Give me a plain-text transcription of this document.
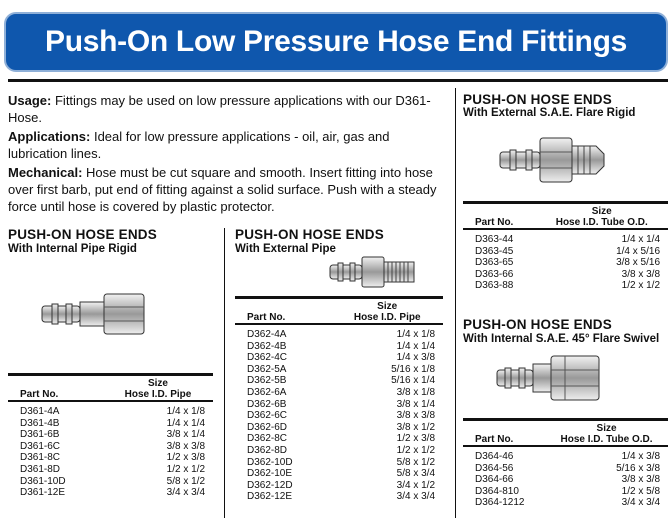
Push-On Low Pressure Hose End Fittings

Usage: Fittings may be used on low pressure applications with our D361-Hose.

Applications: Ideal for low pressure applications - oil, air, gas and lubrication lines.

Mechanical: Hose must be cut square and smooth. Insert fitting into hose over first barb, put end of fitting against a solid surface. Push with a steady force until hose is covered by plastic protector.

PUSH-ON HOSE ENDS
With Internal Pipe Rigid
Part No.	Size
Hose I.D. Pipe

D361-4A	1/4 x 1/8
D361-4B	1/4 x 1/4
D361-6B	3/8 x 1/4
D361-6C	3/8 x 3/8
D361-8C	1/2 x 3/8
D361-8D	1/2 x 1/2
D361-10D	5/8 x 1/2
D361-12E	3/4 x 3/4
PUSH-ON HOSE ENDS
With External Pipe
Part No.	Size
Hose I.D. Pipe

D362-4A	1/4 x 1/8
D362-4B	1/4 x 1/4
D362-4C	1/4 x 3/8
D362-5A	5/16 x 1/8
D362-5B	5/16 x 1/4
D362-6A	3/8 x 1/8
D362-6B	3/8 x 1/4
D362-6C	3/8 x 3/8
D362-6D	3/8 x 1/2
D362-8C	1/2 x 3/8
D362-8D	1/2 x 1/2
D362-10D	5/8 x 1/2
D362-10E	5/8 x 3/4
D362-12D	3/4 x 1/2
D362-12E	3/4 x 3/4
PUSH-ON HOSE ENDS
With External S.A.E. Flare Rigid
Part No.	Size
Hose I.D. Tube O.D.

D363-44	1/4 x 1/4
D363-45	1/4 x 5/16
D363-65	3/8 x 5/16
D363-66	3/8 x 3/8
D363-88	1/2 x 1/2
PUSH-ON HOSE ENDS
With Internal S.A.E. 45° Flare Swivel
Part No.	Size
Hose I.D. Tube O.D.

D364-46	1/4 x 3/8
D364-56	5/16 x 3/8
D364-66	3/8 x 3/8
D364-810	1/2 x 5/8
D364-1212	3/4 x 3/4
